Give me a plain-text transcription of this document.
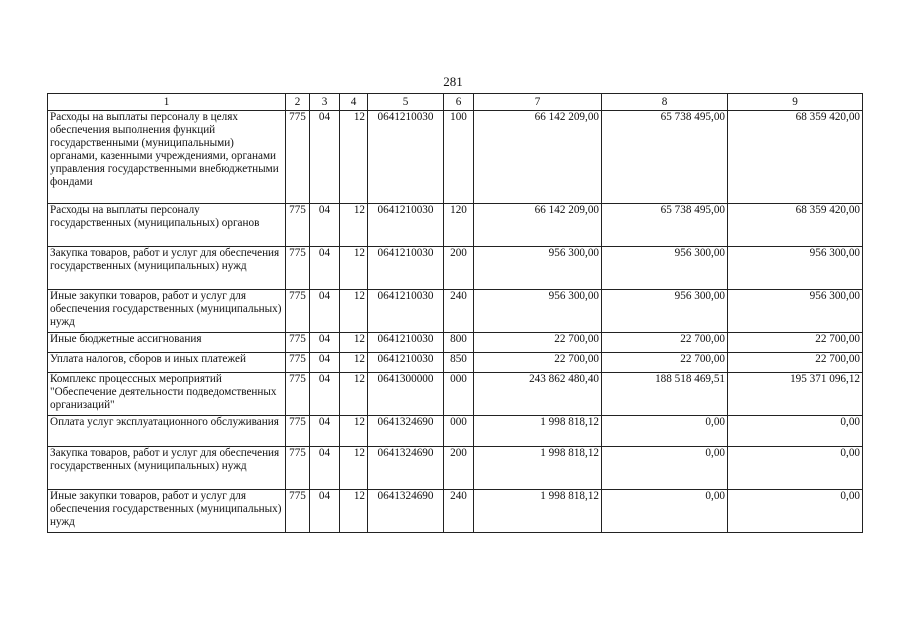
281
1	2	3	4	5	6	7	8	9
Расходы на выплаты персоналу в целях обеспечения выполнения функций государственными (муниципальными) органами, казенными учреждениями, органами управления государственными внебюджетными фондами	775	04	12	0641210030	100	66 142 209,00	65 738 495,00	68 359 420,00
Расходы на выплаты персоналу государственных (муниципальных) органов	775	04	12	0641210030	120	66 142 209,00	65 738 495,00	68 359 420,00
Закупка товаров, работ и услуг для обеспечения государственных (муниципальных) нужд	775	04	12	0641210030	200	956 300,00	956 300,00	956 300,00
Иные закупки товаров, работ и услуг для обеспечения государственных (муниципальных) нужд	775	04	12	0641210030	240	956 300,00	956 300,00	956 300,00
Иные бюджетные ассигнования	775	04	12	0641210030	800	22 700,00	22 700,00	22 700,00
Уплата налогов, сборов и иных платежей	775	04	12	0641210030	850	22 700,00	22 700,00	22 700,00
Комплекс процессных мероприятий "Обеспечение деятельности подведомственных организаций"	775	04	12	0641300000	000	243 862 480,40	188 518 469,51	195 371 096,12
Оплата услуг эксплуатационного обслуживания	775	04	12	0641324690	000	1 998 818,12	0,00	0,00
Закупка товаров, работ и услуг для обеспечения государственных (муниципальных) нужд	775	04	12	0641324690	200	1 998 818,12	0,00	0,00
Иные закупки товаров, работ и услуг для обеспечения государственных (муниципальных) нужд	775	04	12	0641324690	240	1 998 818,12	0,00	0,00
